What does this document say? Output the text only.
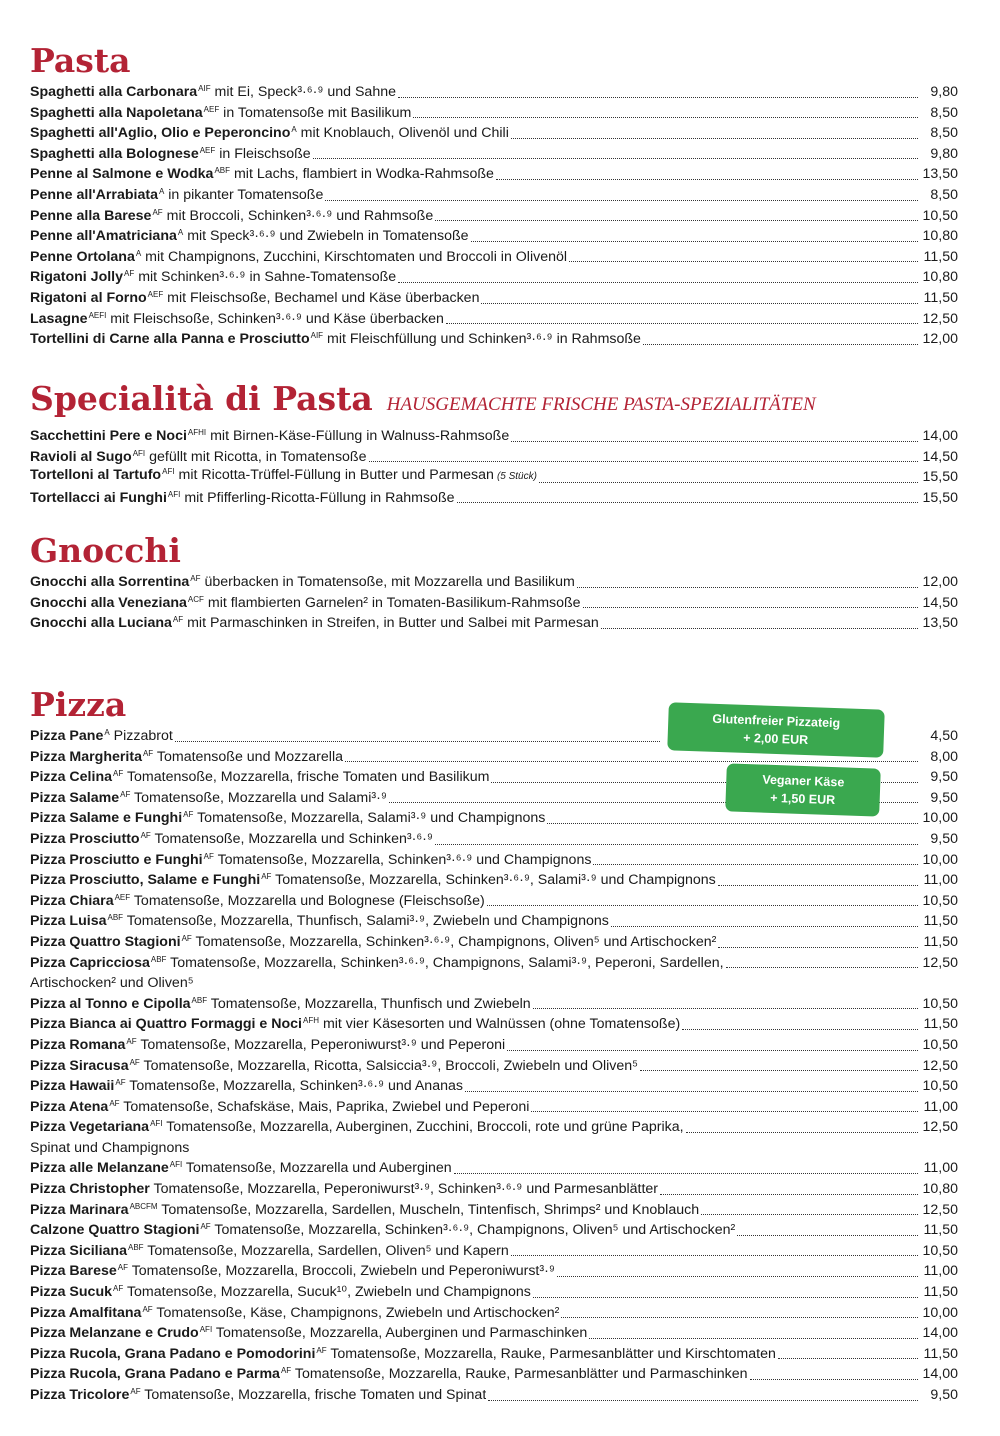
Pasta
Spaghetti alla Carbonara$^{AIF}$ mit Ei, Speck³·⁶·⁹ und Sahne	9,80
Spaghetti alla Napoletana$^{AEF}$ in Tomatensoße mit Basilikum	8,50
Spaghetti all'Aglio, Olio e Peperoncino$^A$ mit Knoblauch, Olivenöl und Chili	8,50
Spaghetti alla Bolognese$^{AEF}$ in Fleischsoße	9,80
Penne al Salmone e Wodka$^{ABF}$ mit Lachs, flambiert in Wodka-Rahmsoße	13,50
Penne all'Arrabiata$^A$ in pikanter Tomatensoße	8,50
Penne alla Barese$^{AF}$ mit Broccoli, Schinken³·⁶·⁹ und Rahmsoße	10,50
Penne all'Amatriciana$^A$ mit Speck³·⁶·⁹ und Zwiebeln in Tomatensoße	10,80
Penne Ortolana$^A$ mit Champignons, Zucchini, Kirschtomaten und Broccoli in Olivenöl	11,50
Rigatoni Jolly$^{AF}$ mit Schinken³·⁶·⁹ in Sahne-Tomatensoße	10,80
Rigatoni al Forno$^{AEF}$ mit Fleischsoße, Bechamel und Käse überbacken	11,50
Lasagne$^{AEFI}$ mit Fleischsoße, Schinken³·⁶·⁹ und Käse überbacken	12,50
Tortellini di Carne alla Panna e Prosciutto$^{AIF}$ mit Fleischfüllung und Schinken³·⁶·⁹ in Rahmsoße	12,00
Specialità di Pasta HAUSGEMACHTE FRISCHE PASTA-SPEZIALITÄTEN
Sacchettini Pere e Noci$^{AFHI}$ mit Birnen-Käse-Füllung in Walnuss-Rahmsoße	14,00
Ravioli al Sugo$^{AFI}$ gefüllt mit Ricotta, in Tomatensoße	14,50
Tortelloni al Tartufo$^{AFI}$ mit Ricotta-Trüffel-Füllung in Butter und Parmesan (5 Stück)	15,50
Tortellacci ai Funghi$^{AFI}$ mit Pfifferling-Ricotta-Füllung in Rahmsoße	15,50
Gnocchi
Gnocchi alla Sorrentina$^{AF}$ überbacken in Tomatensoße, mit Mozzarella und Basilikum	12,00
Gnocchi alla Veneziana$^{ACF}$ mit flambierten Garnelen² in Tomaten-Basilikum-Rahmsoße	14,50
Gnocchi alla Luciana$^{AF}$ mit Parmaschinken in Streifen, in Butter und Salbei mit Parmesan	13,50
Pizza
Pizza Pane$^A$ Pizzabrot	4,50
Pizza Margherita$^{AF}$ Tomatensoße und Mozzarella	8,00
Pizza Celina$^{AF}$ Tomatensoße, Mozzarella, frische Tomaten und Basilikum	9,50
Pizza Salame$^{AF}$ Tomatensoße, Mozzarella und Salami³·⁹	9,50
Pizza Salame e Funghi$^{AF}$ Tomatensoße, Mozzarella, Salami³·⁹ und Champignons	10,00
Pizza Prosciutto$^{AF}$ Tomatensoße, Mozzarella und Schinken³·⁶·⁹	9,50
Pizza Prosciutto e Funghi$^{AF}$ Tomatensoße, Mozzarella, Schinken³·⁶·⁹ und Champignons	10,00
Pizza Prosciutto, Salame e Funghi$^{AF}$ Tomatensoße, Mozzarella, Schinken³·⁶·⁹, Salami³·⁹ und Champignons	11,00
Pizza Chiara$^{AEF}$ Tomatensoße, Mozzarella und Bolognese (Fleischsoße)	10,50
Pizza Luisa$^{ABF}$ Tomatensoße, Mozzarella, Thunfisch, Salami³·⁹, Zwiebeln und Champignons	11,50
Pizza Quattro Stagioni$^{AF}$ Tomatensoße, Mozzarella, Schinken³·⁶·⁹, Champignons, Oliven⁵ und Artischocken²	11,50
Pizza Capricciosa$^{ABF}$ Tomatensoße, Mozzarella, Schinken³·⁶·⁹, Champignons, Salami³·⁹, Peperoni, Sardellen,	12,50
Artischocken² und Oliven⁵
Pizza al Tonno e Cipolla$^{ABF}$ Tomatensoße, Mozzarella, Thunfisch und Zwiebeln	10,50
Pizza Bianca ai Quattro Formaggi e Noci$^{AFH}$ mit vier Käsesorten und Walnüssen (ohne Tomatensoße)	11,50
Pizza Romana$^{AF}$ Tomatensoße, Mozzarella, Peperoniwurst³·⁹ und Peperoni	10,50
Pizza Siracusa$^{AF}$ Tomatensoße, Mozzarella, Ricotta, Salsiccia³·⁹, Broccoli, Zwiebeln und Oliven⁵	12,50
Pizza Hawaii$^{AF}$ Tomatensoße, Mozzarella, Schinken³·⁶·⁹ und Ananas	10,50
Pizza Atena$^{AF}$ Tomatensoße, Schafskäse, Mais, Paprika, Zwiebel und Peperoni	11,00
Pizza Vegetariana$^{AFI}$ Tomatensoße, Mozzarella, Auberginen, Zucchini, Broccoli, rote und grüne Paprika,	12,50
Spinat und Champignons
Pizza alle Melanzane$^{AFI}$ Tomatensoße, Mozzarella und Auberginen	11,00
Pizza Christopher Tomatensoße, Mozzarella, Peperoniwurst³·⁹, Schinken³·⁶·⁹ und Parmesanblätter	10,80
Pizza Marinara$^{ABCFM}$ Tomatensoße, Mozzarella, Sardellen, Muscheln, Tintenfisch, Shrimps² und Knoblauch	12,50
Calzone Quattro Stagioni$^{AF}$ Tomatensoße, Mozzarella, Schinken³·⁶·⁹, Champignons, Oliven⁵ und Artischocken²	11,50
Pizza Siciliana$^{ABF}$ Tomatensoße, Mozzarella, Sardellen, Oliven⁵ und Kapern	10,50
Pizza Barese$^{AF}$ Tomatensoße, Mozzarella, Broccoli, Zwiebeln und Peperoniwurst³·⁹	11,00
Pizza Sucuk$^{AF}$ Tomatensoße, Mozzarella, Sucuk¹⁰, Zwiebeln und Champignons	11,50
Pizza Amalfitana$^{AF}$ Tomatensoße, Käse, Champignons, Zwiebeln und Artischocken²	10,00
Pizza Melanzane e Crudo$^{AFI}$ Tomatensoße, Mozzarella, Auberginen und Parmaschinken	14,00
Pizza Rucola, Grana Padano e Pomodorini$^{AF}$ Tomatensoße, Mozzarella, Rauke, Parmesanblätter und Kirschtomaten	11,50
Pizza Rucola, Grana Padano e Parma$^{AF}$ Tomatensoße, Mozzarella, Rauke, Parmesanblätter und Parmaschinken	14,00
Pizza Tricolore$^{AF}$ Tomatensoße, Mozzarella, frische Tomaten und Spinat	9,50
Glutenfreier Pizzateig
+ 2,00 EUR
Veganer Käse
+ 1,50 EUR
